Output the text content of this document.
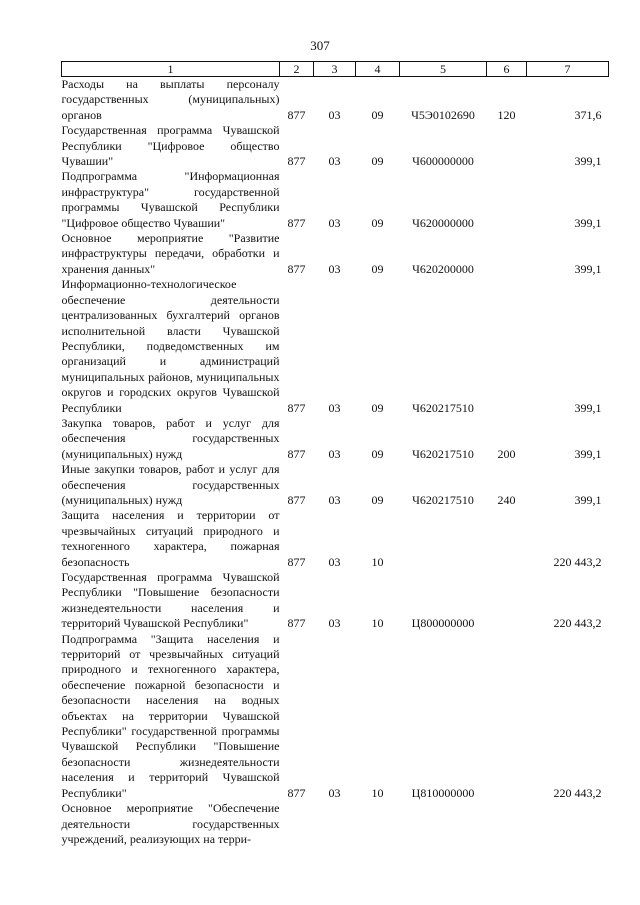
307
1	2	3	4	5	6	7
Расходы на выплаты персоналу государственных (муниципальных) органов	877	03	09	Ч5Э0102690	120	371,6
Государственная программа Чувашской Республики "Цифровое общество Чувашии"	877	03	09	Ч600000000		399,1
Подпрограмма "Информационная инфраструктура" государственной программы Чувашской Республики "Цифровое общество Чувашии"	877	03	09	Ч620000000		399,1
Основное мероприятие "Развитие инфраструктуры передачи, обработки и хранения данных"	877	03	09	Ч620200000		399,1
Информационно-технологическое обеспечение деятельности централизованных бухгалтерий органов исполнительной власти Чувашской Республики, подведомственных им организаций и администраций муниципальных районов, муниципальных округов и городских округов Чувашской Республики	877	03	09	Ч620217510		399,1
Закупка товаров, работ и услуг для обеспечения государственных (муниципальных) нужд	877	03	09	Ч620217510	200	399,1
Иные закупки товаров, работ и услуг для обеспечения государственных (муниципальных) нужд	877	03	09	Ч620217510	240	399,1
Защита населения и территории от чрезвычайных ситуаций природного и техногенного характера, пожарная безопасность	877	03	10			220 443,2
Государственная программа Чувашской Республики "Повышение безопасности жизнедеятельности населения и территорий Чувашской Республики"	877	03	10	Ц800000000		220 443,2
Подпрограмма "Защита населения и территорий от чрезвычайных ситуаций природного и техногенного характера, обеспечение пожарной безопасности и безопасности населения на водных объектах на территории Чувашской Республики" государственной программы Чувашской Республики "Повышение безопасности жизнедеятельности населения и территорий Чувашской Республики"	877	03	10	Ц810000000		220 443,2
Основное мероприятие "Обеспечение деятельности государственных учреждений, реализующих на терри-						
